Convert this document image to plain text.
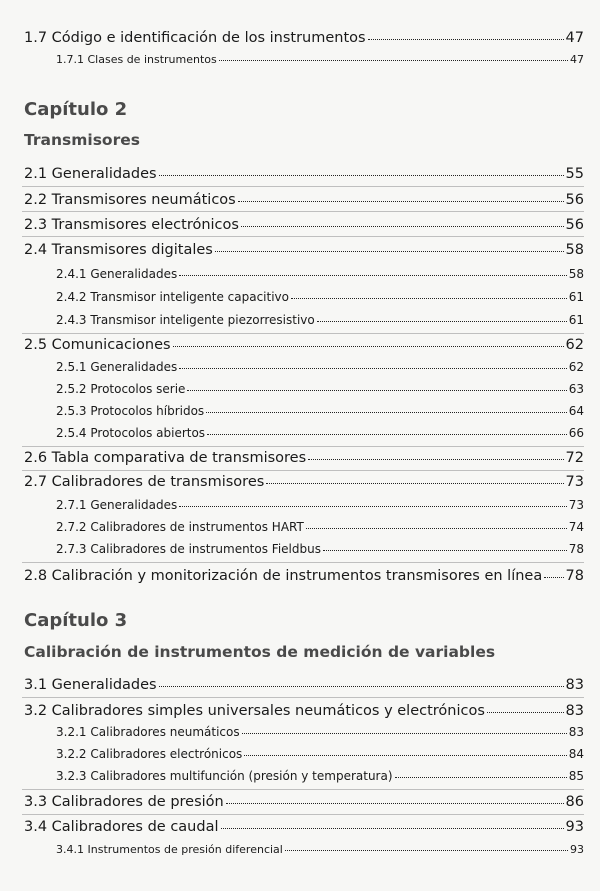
1.7 Código e identificación de los instrumentos	47
1.7.1 Clases de instrumentos	47
Capítulo 2
Transmisores
2.1 Generalidades	55
2.2 Transmisores neumáticos	56
2.3 Transmisores electrónicos	56
2.4 Transmisores digitales	58
2.4.1 Generalidades	58
2.4.2 Transmisor inteligente capacitivo	61
2.4.3 Transmisor inteligente piezorresistivo	61
2.5 Comunicaciones	62
2.5.1 Generalidades	62
2.5.2 Protocolos serie	63
2.5.3 Protocolos híbridos	64
2.5.4 Protocolos abiertos	66
2.6 Tabla comparativa de transmisores	72
2.7 Calibradores de transmisores	73
2.7.1 Generalidades	73
2.7.2 Calibradores de instrumentos HART	74
2.7.3 Calibradores de instrumentos Fieldbus	78
2.8 Calibración y monitorización de instrumentos transmisores en línea 78
Capítulo 3
Calibración de instrumentos de medición de variables
3.1 Generalidades	83
3.2 Calibradores simples universales neumáticos y electrónicos	83
3.2.1 Calibradores neumáticos	83
3.2.2 Calibradores electrónicos	84
3.2.3 Calibradores multifunción (presión y temperatura)	85
3.3 Calibradores de presión	86
3.4 Calibradores de caudal	93
3.4.1 Instrumentos de presión diferencial	93
